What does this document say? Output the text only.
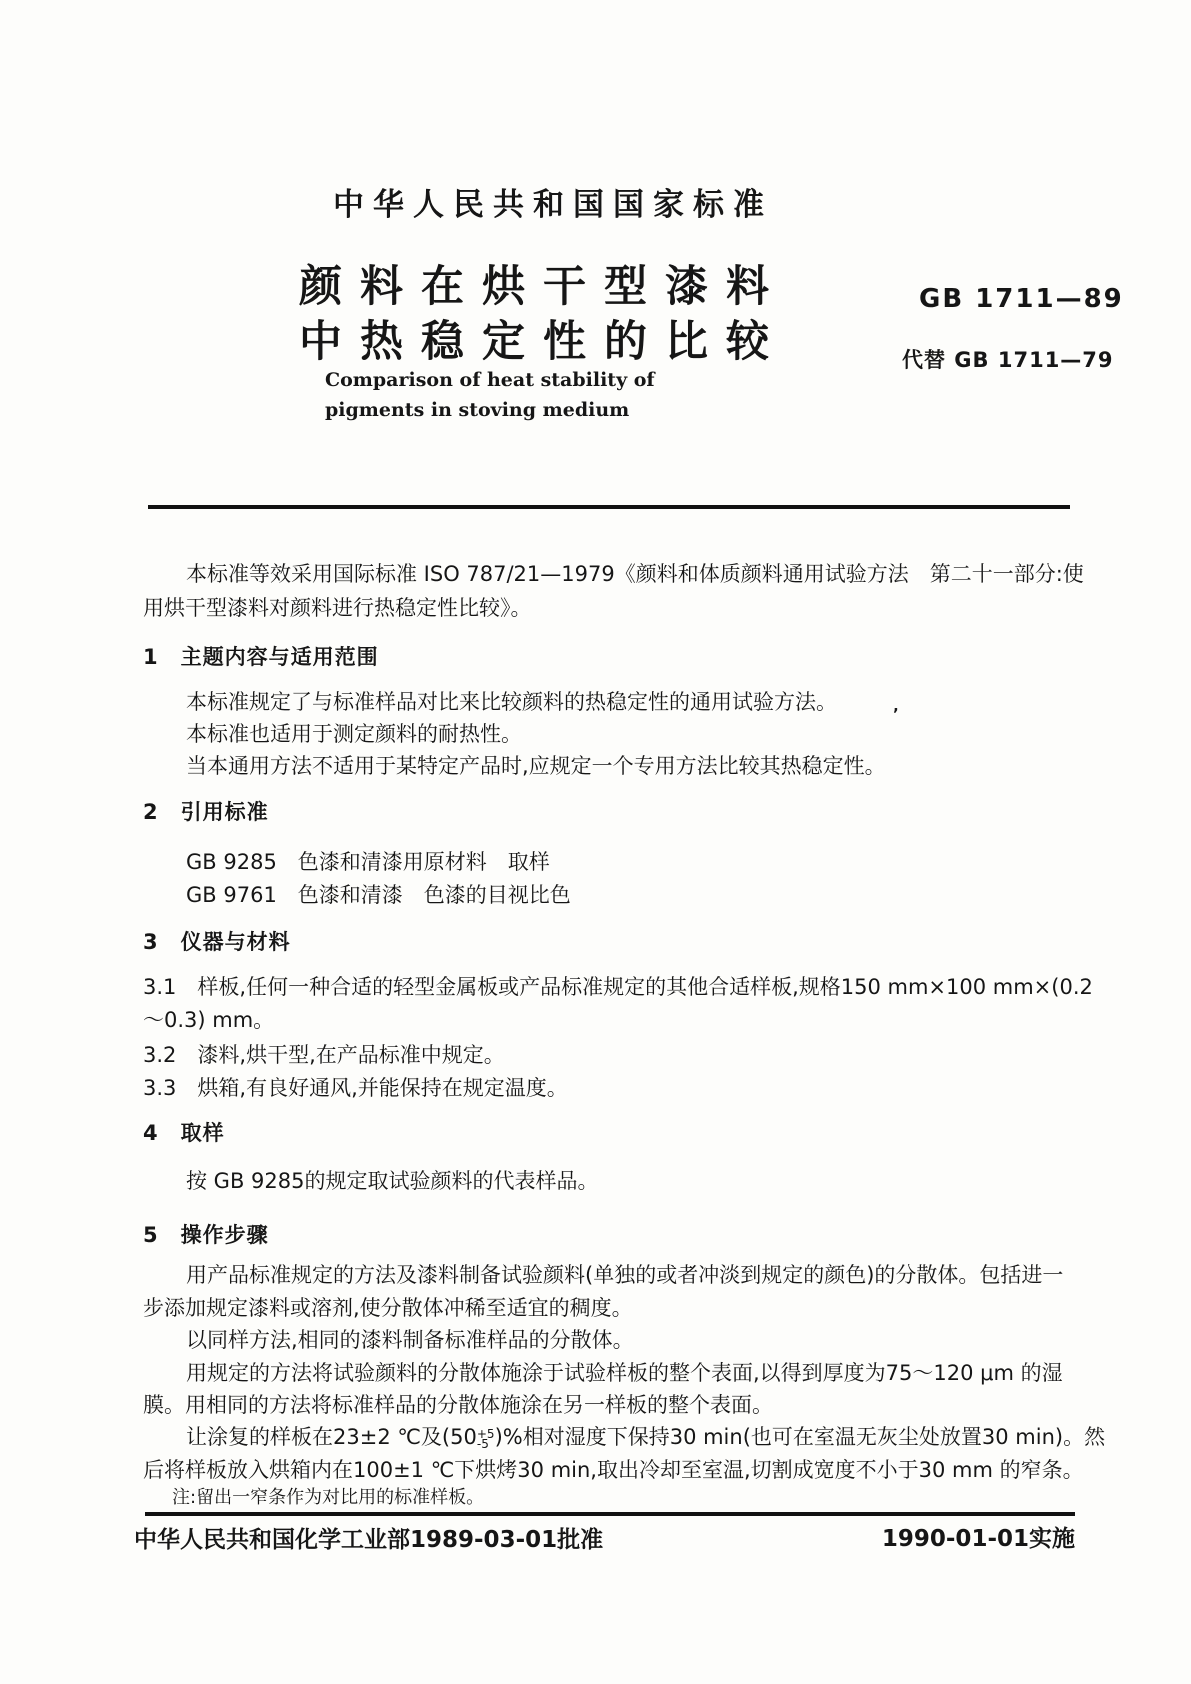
中华人民共和国国家标准
颜料在烘干型漆料
中热稳定性的比较
GB 1711—89
代替 GB 1711—79
Comparison of heat stability of
pigments in stoving medium
本标准等效采用国际标准 ISO 787/21—1979《颜料和体质颜料通用试验方法　第二十一部分:使
用烘干型漆料对颜料进行热稳定性比较》。
1　主题内容与适用范围
本标准规定了与标准样品对比来比较颜料的热稳定性的通用试验方法。
本标准也适用于测定颜料的耐热性。
当本通用方法不适用于某特定产品时,应规定一个专用方法比较其热稳定性。
’
2　引用标准
GB 9285　色漆和清漆用原材料　取样
GB 9761　色漆和清漆　色漆的目视比色
3　仪器与材料
3.1　样板,任何一种合适的轻型金属板或产品标准规定的其他合适样板,规格150 mm×100 mm×(0.2
～0.3) mm。
3.2　漆料,烘干型,在产品标准中规定。
3.3　烘箱,有良好通风,并能保持在规定温度。
4　取样
按 GB 9285的规定取试验颜料的代表样品。
5　操作步骤
用产品标准规定的方法及漆料制备试验颜料(单独的或者冲淡到规定的颜色)的分散体。包括进一
步添加规定漆料或溶剂,使分散体冲稀至适宜的稠度。
以同样方法,相同的漆料制备标准样品的分散体。
用规定的方法将试验颜料的分散体施涂于试验样板的整个表面,以得到厚度为75～120 μm 的湿
膜。用相同的方法将标准样品的分散体施涂在另一样板的整个表面。
让涂复的样板在23±2 ℃及(50 +5
-5 )%相对湿度下保持30 min(也可在室温无灰尘处放置30 min)。然
后将样板放入烘箱内在100±1 ℃下烘烤30 min,取出冷却至室温,切割成宽度不小于30 mm 的窄条。
注:留出一窄条作为对比用的标准样板。
中华人民共和国化学工业部1989-03-01批准	1990-01-01实施
